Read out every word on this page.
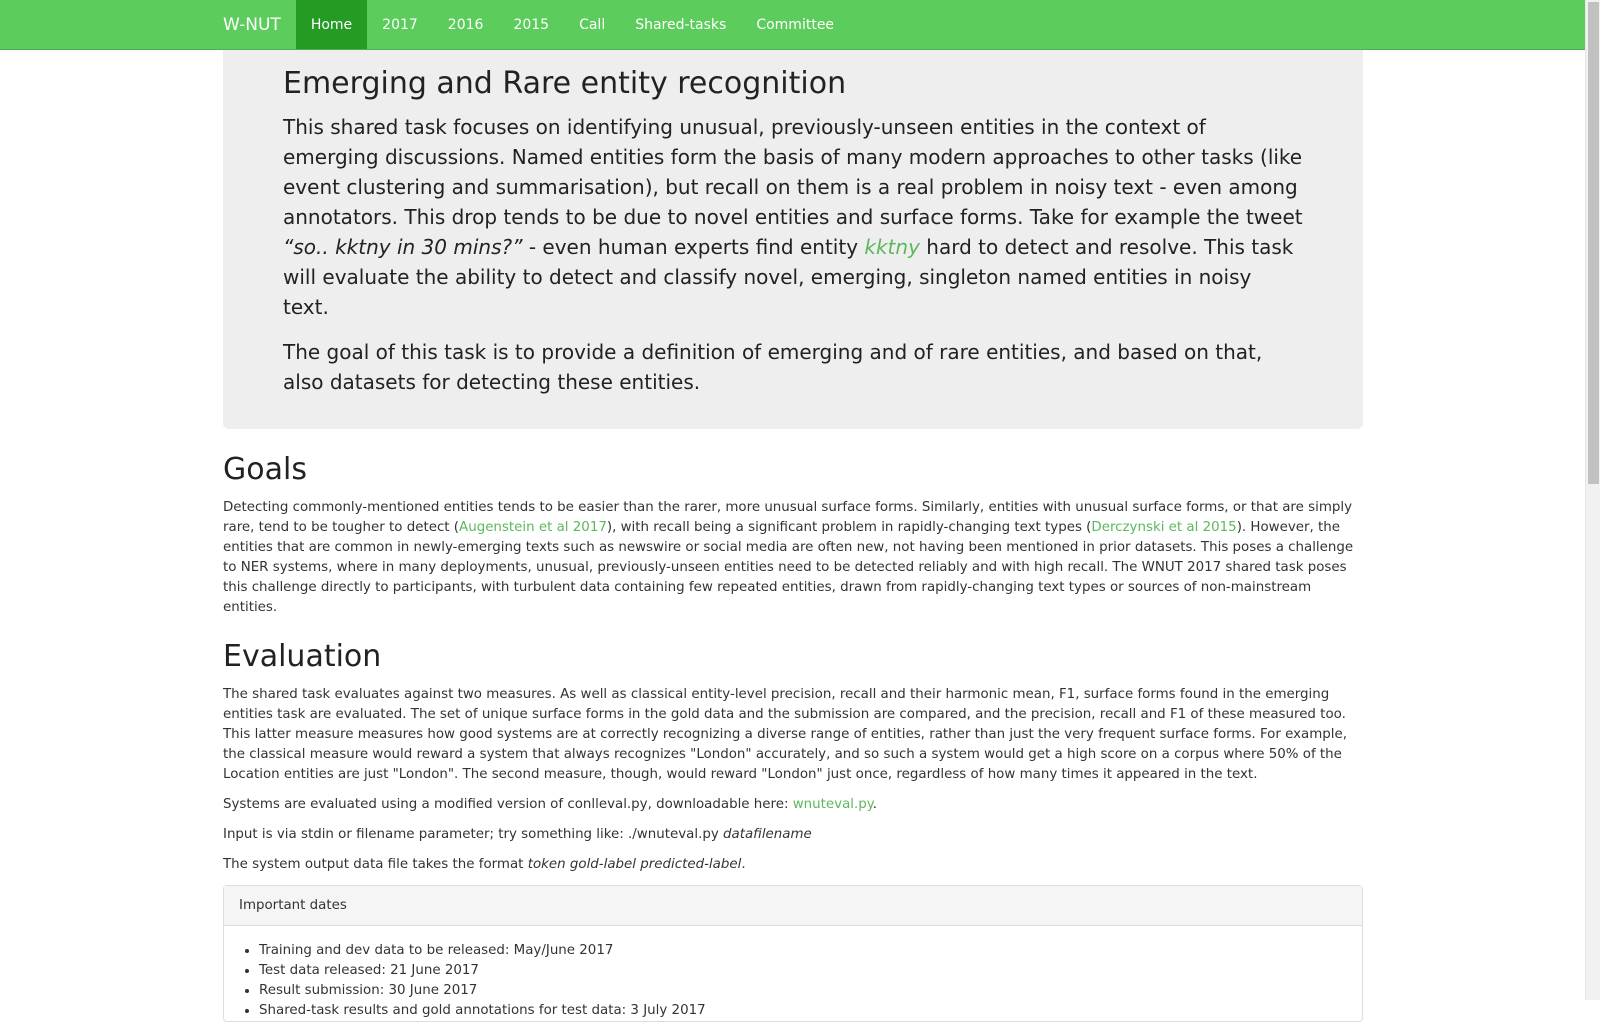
W-NUT	Home	2017	2016	2015	Call	Shared-tasks	Committee
Emerging and Rare entity recognition

This shared task focuses on identifying unusual, previously-unseen entities in the context of emerging discussions. Named entities form the basis of many modern approaches to other tasks (like event clustering and summarisation), but recall on them is a real problem in noisy text - even among annotators. This drop tends to be due to novel entities and surface forms. Take for example the tweet “so.. kktny in 30 mins?” - even human experts find entity kktny hard to detect and resolve. This task will evaluate the ability to detect and classify novel, emerging, singleton named entities in noisy text.

The goal of this task is to provide a definition of emerging and of rare entities, and based on that, also datasets for detecting these entities.

Goals

Detecting commonly-mentioned entities tends to be easier than the rarer, more unusual surface forms. Similarly, entities with unusual surface forms, or that are simply rare, tend to be tougher to detect (Augenstein et al 2017), with recall being a significant problem in rapidly-changing text types (Derczynski et al 2015). However, the entities that are common in newly-emerging texts such as newswire or social media are often new, not having been mentioned in prior datasets. This poses a challenge to NER systems, where in many deployments, unusual, previously-unseen entities need to be detected reliably and with high recall. The WNUT 2017 shared task poses this challenge directly to participants, with turbulent data containing few repeated entities, drawn from rapidly-changing text types or sources of non-mainstream entities.

Evaluation

The shared task evaluates against two measures. As well as classical entity-level precision, recall and their harmonic mean, F1, surface forms found in the emerging entities task are evaluated. The set of unique surface forms in the gold data and the submission are compared, and the precision, recall and F1 of these measured too. This latter measure measures how good systems are at correctly recognizing a diverse range of entities, rather than just the very frequent surface forms. For example, the classical measure would reward a system that always recognizes "London" accurately, and so such a system would get a high score on a corpus where 50% of the Location entities are just "London". The second measure, though, would reward "London" just once, regardless of how many times it appeared in the text.

Systems are evaluated using a modified version of conlleval.py, downloadable here: wnuteval.py.

Input is via stdin or filename parameter; try something like: ./wnuteval.py datafilename

The system output data file takes the format token gold-label predicted-label.

Important dates
• Training and dev data to be released: May/June 2017
• Test data released: 21 June 2017
• Result submission: 30 June 2017
• Shared-task results and gold annotations for test data: 3 July 2017
